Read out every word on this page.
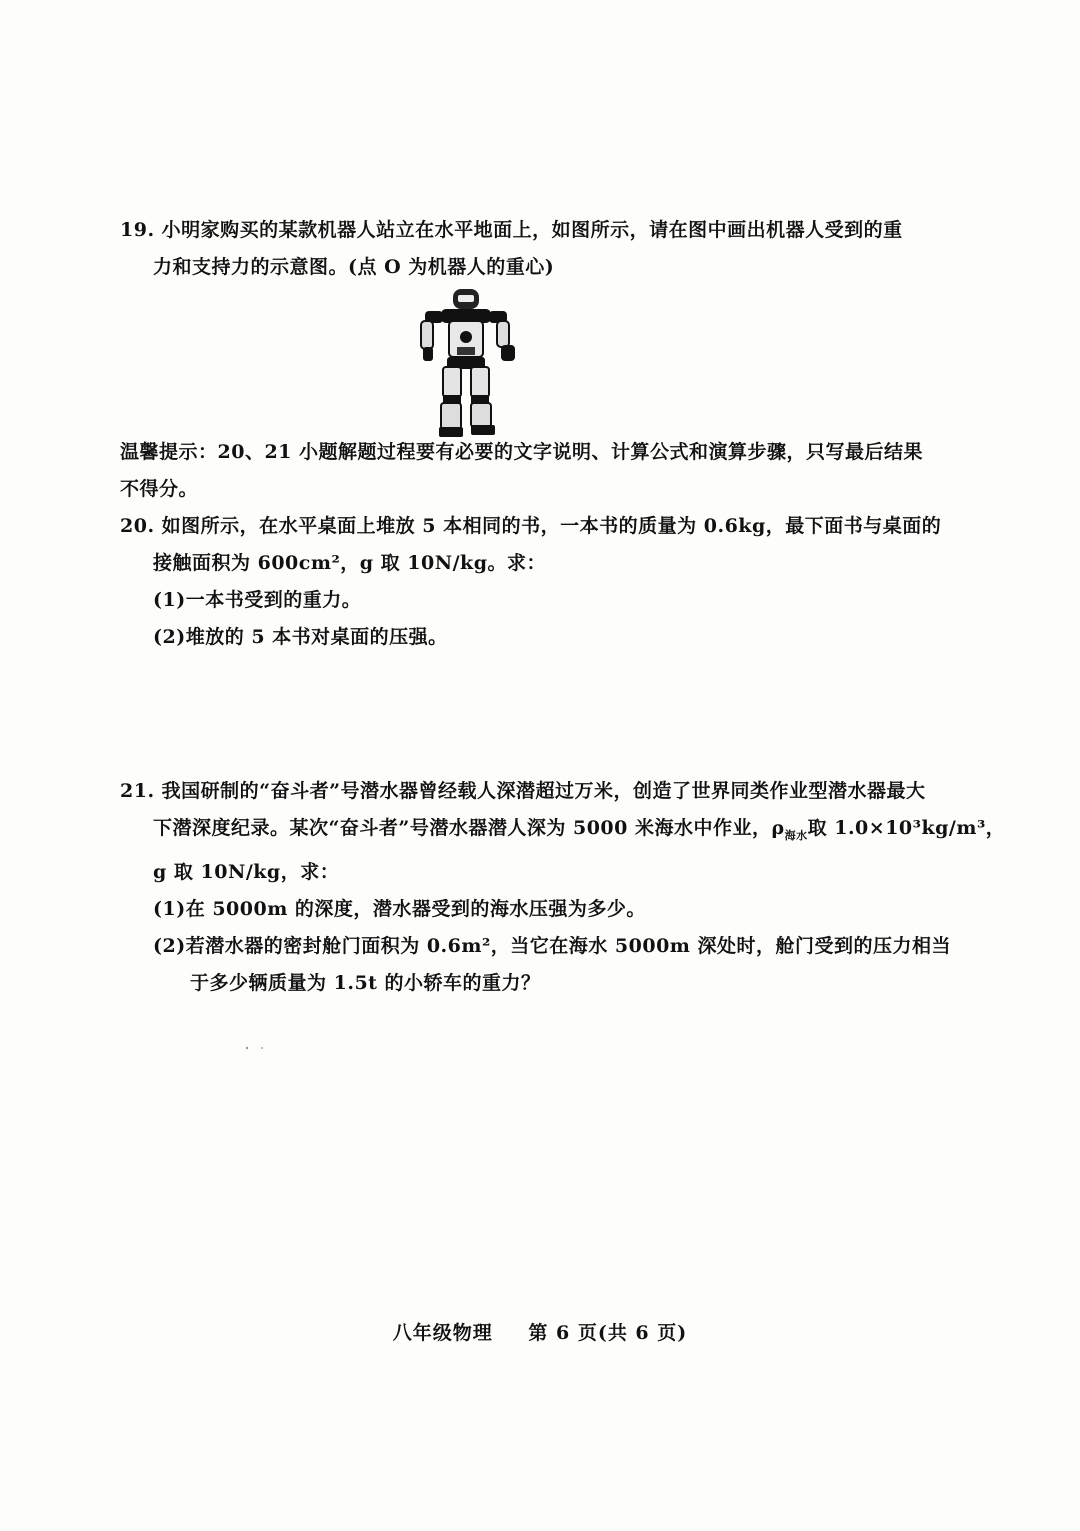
19. 小明家购买的某款机器人站立在水平地面上，如图所示，请在图中画出机器人受到的重
力和支持力的示意图。(点 O 为机器人的重心)
温馨提示：20、21 小题解题过程要有必要的文字说明、计算公式和演算步骤，只写最后结果
不得分。
20. 如图所示，在水平桌面上堆放 5 本相同的书，一本书的质量为 0.6kg，最下面书与桌面的
接触面积为 600cm²，g 取 10N/kg。求：
(1)一本书受到的重力。
(2)堆放的 5 本书对桌面的压强。
21. 我国研制的“奋斗者”号潜水器曾经载人深潜超过万米，创造了世界同类作业型潜水器最大
下潜深度纪录。某次“奋斗者”号潜水器潜人深为 5000 米海水中作业，$\rho_{海水}$取 1.0×10³kg/m³，
g 取 10N/kg，求：
(1)在 5000m 的深度，潜水器受到的海水压强为多少。
(2)若潜水器的密封舱门面积为 0.6m²，当它在海水 5000m 深处时，舱门受到的压力相当
于多少辆质量为 1.5t 的小轿车的重力？
八年级物理 第 6 页(共 6 页)
